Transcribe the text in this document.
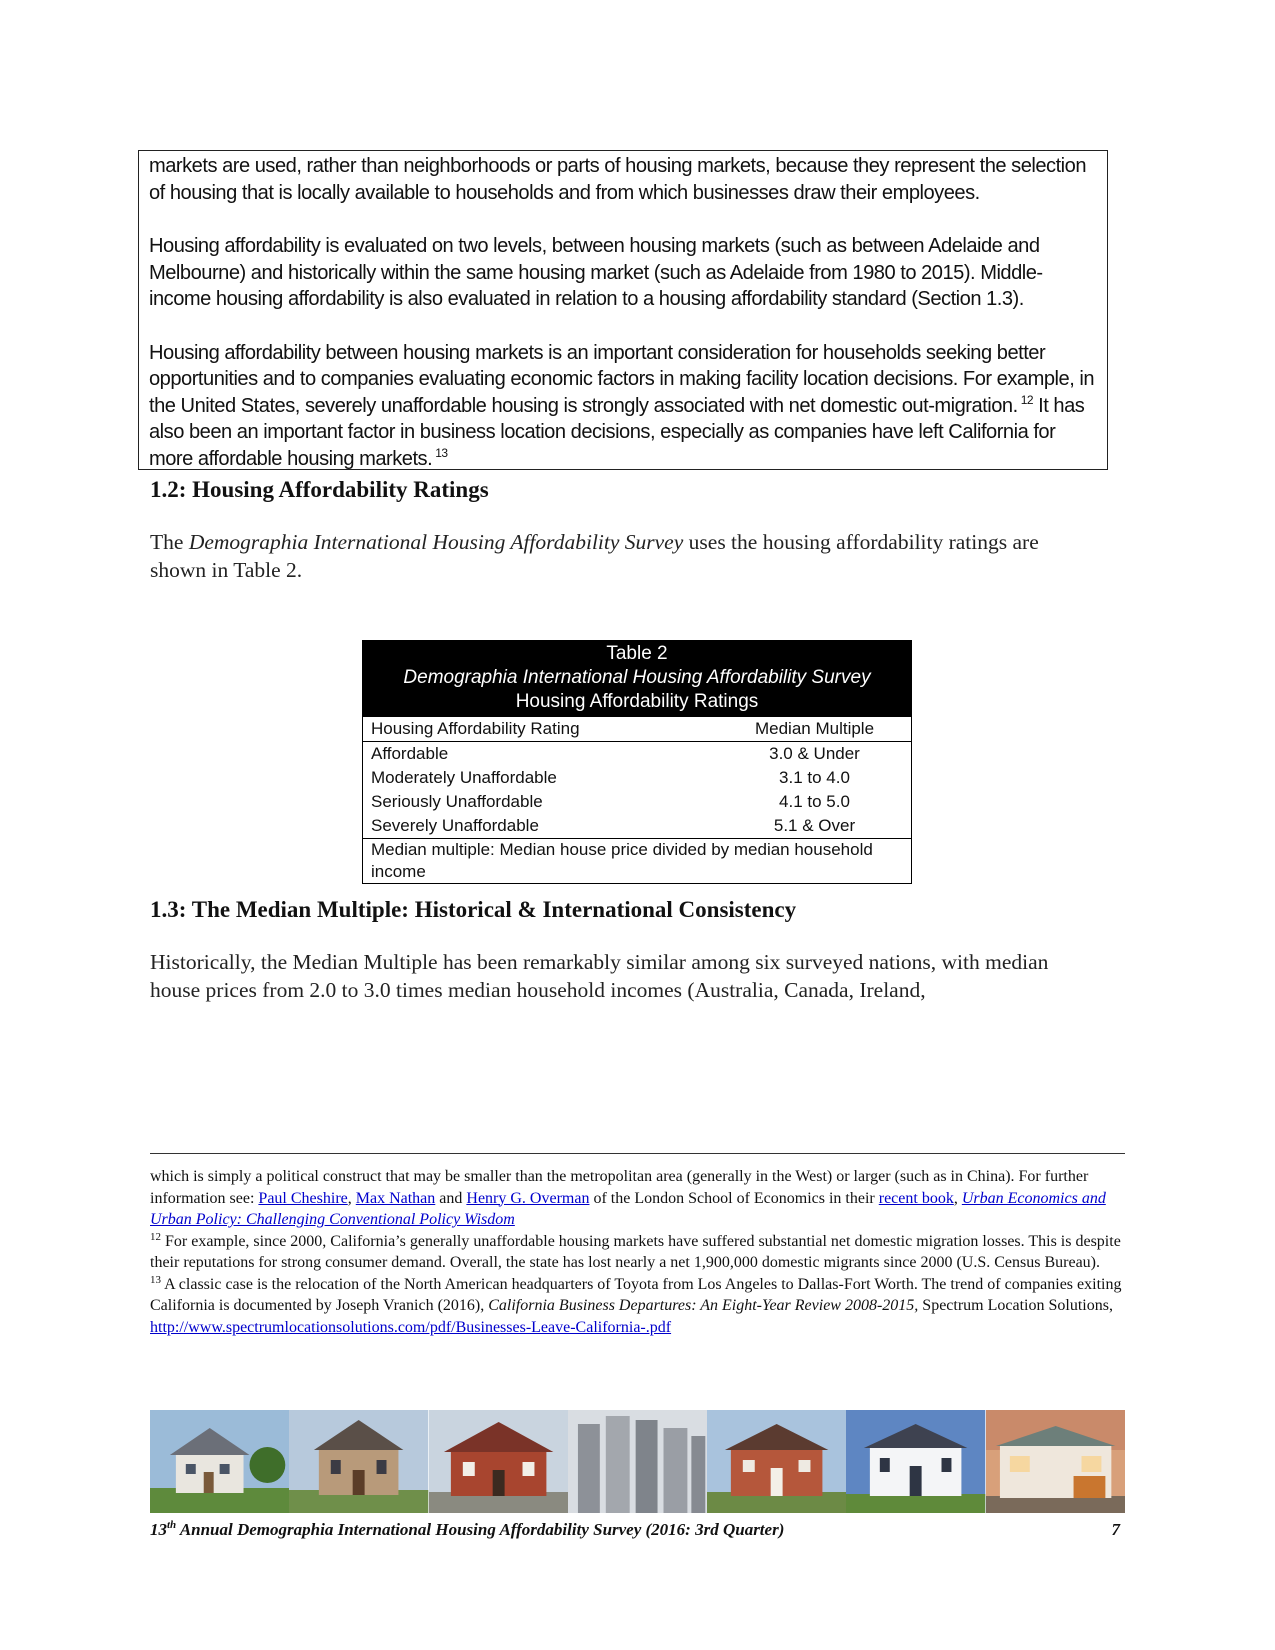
markets are used, rather than neighborhoods or parts of housing markets, because they represent the selection of housing that is locally available to households and from which businesses draw their employees.

Housing affordability is evaluated on two levels, between housing markets (such as between Adelaide and Melbourne) and historically within the same housing market (such as Adelaide from 1980 to 2015). Middle-income housing affordability is also evaluated in relation to a housing affordability standard (Section 1.3).

Housing affordability between housing markets is an important consideration for households seeking better opportunities and to companies evaluating economic factors in making facility location decisions. For example, in the United States, severely unaffordable housing is strongly associated with net domestic out-migration. $^{12}$ It has also been an important factor in business location decisions, especially as companies have left California for more affordable housing markets. $^{13}$

1.2: Housing Affordability Ratings

The Demographia International Housing Affordability Survey uses the housing affordability ratings are shown in Table 2.

Table 2
Demographia International Housing Affordability Survey
Housing Affordability Ratings
Housing Affordability Rating	Median Multiple
Affordable	3.0 & Under
Moderately Unaffordable	3.1 to 4.0
Seriously Unaffordable	4.1 to 5.0
Severely Unaffordable	5.1 & Over
Median multiple: Median house price divided by median household income
1.3: The Median Multiple: Historical & International Consistency

Historically, the Median Multiple has been remarkably similar among six surveyed nations, with median house prices from 2.0 to 3.0 times median household incomes (Australia, Canada, Ireland,

which is simply a political construct that may be smaller than the metropolitan area (generally in the West) or larger (such as in China). For further information see: Paul Cheshire, Max Nathan and Henry G. Overman of the London School of Economics in their recent book, Urban Economics and Urban Policy: Challenging Conventional Policy Wisdom

$^{12}$ For example, since 2000, California’s generally unaffordable housing markets have suffered substantial net domestic migration losses. This is despite their reputations for strong consumer demand. Overall, the state has lost nearly a net 1,900,000 domestic migrants since 2000 (U.S. Census Bureau).

$^{13}$ A classic case is the relocation of the North American headquarters of Toyota from Los Angeles to Dallas-Fort Worth. The trend of companies exiting California is documented by Joseph Vranich (2016), California Business Departures: An Eight-Year Review 2008-2015, Spectrum Location Solutions, http://www.spectrumlocationsolutions.com/pdf/Businesses-Leave-California-.pdf

13th Annual Demographia International Housing Affordability Survey (2016: 3rd Quarter)	7
